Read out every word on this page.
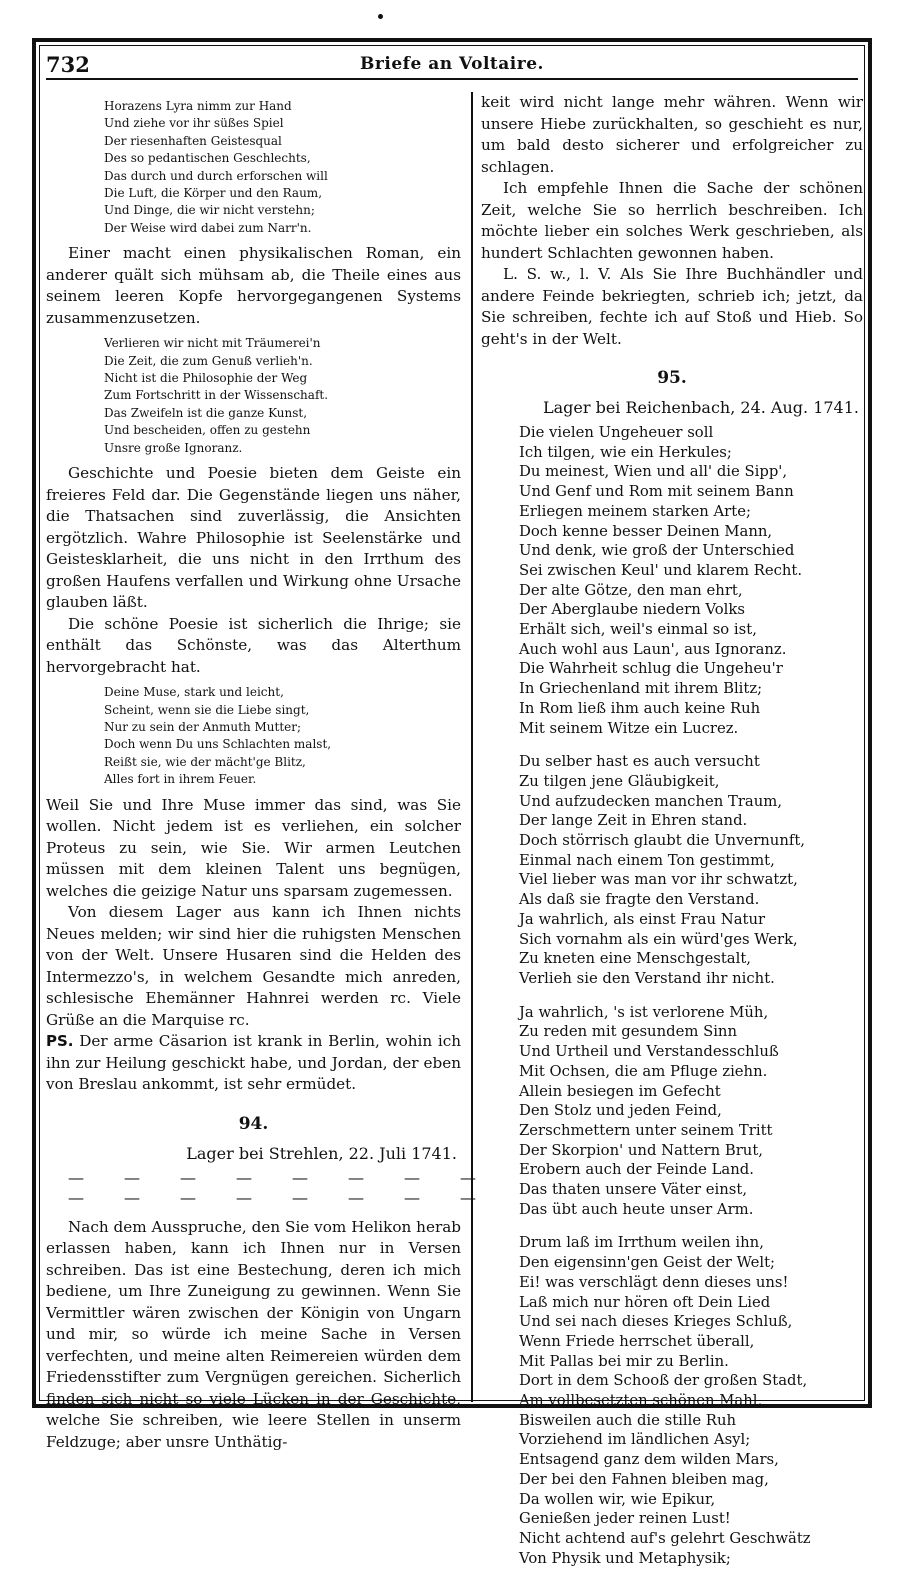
732	Briefe an Voltaire.
Horazens Lyra nimm zur Hand
Und ziehe vor ihr süßes Spiel
Der riesenhaften Geistesqual
Des so pedantischen Geschlechts,
Das durch und durch erforschen will
Die Luft, die Körper und den Raum,
Und Dinge, die wir nicht verstehn;
Der Weise wird dabei zum Narr'n.

Einer macht einen physikalischen Roman, ein anderer quält sich mühsam ab, die Theile eines aus seinem leeren Kopfe hervorgegangenen Systems zusammenzusetzen.

Verlieren wir nicht mit Träumerei'n
Die Zeit, die zum Genuß verlieh'n.
Nicht ist die Philosophie der Weg
Zum Fortschritt in der Wissenschaft.
Das Zweifeln ist die ganze Kunst,
Und bescheiden, offen zu gestehn
Unsre große Ignoranz.

Geschichte und Poesie bieten dem Geiste ein freieres Feld dar. Die Gegenstände liegen uns näher, die Thatsachen sind zuverlässig, die Ansichten ergötzlich. Wahre Philosophie ist Seelenstärke und Geistesklarheit, die uns nicht in den Irrthum des großen Haufens verfallen und Wirkung ohne Ursache glauben läßt.

Die schöne Poesie ist sicherlich die Ihrige; sie enthält das Schönste, was das Alterthum hervorgebracht hat.

Deine Muse, stark und leicht,
Scheint, wenn sie die Liebe singt,
Nur zu sein der Anmuth Mutter;
Doch wenn Du uns Schlachten malst,
Reißt sie, wie der mächt'ge Blitz,
Alles fort in ihrem Feuer.

Weil Sie und Ihre Muse immer das sind, was Sie wollen. Nicht jedem ist es verliehen, ein solcher Proteus zu sein, wie Sie. Wir armen Leutchen müssen mit dem kleinen Talent uns begnügen, welches die geizige Natur uns sparsam zugemessen.

Von diesem Lager aus kann ich Ihnen nichts Neues melden; wir sind hier die ruhigsten Menschen von der Welt. Unsere Husaren sind die Helden des Intermezzo's, in welchem Gesandte mich anreden, schlesische Ehemänner Hahnrei werden rc. Viele Grüße an die Marquise rc.

PS. Der arme Cäsarion ist krank in Berlin, wohin ich ihn zur Heilung geschickt habe, und Jordan, der eben von Breslau ankommt, ist sehr ermüdet.

94.
Lager bei Strehlen, 22. Juli 1741.
— — — — — — — —
— — — — — — — —

Nach dem Ausspruche, den Sie vom Helikon herab erlassen haben, kann ich Ihnen nur in Versen schreiben. Das ist eine Bestechung, deren ich mich bediene, um Ihre Zuneigung zu gewinnen. Wenn Sie Vermittler wären zwischen der Königin von Ungarn und mir, so würde ich meine Sache in Versen verfechten, und meine alten Reimereien würden dem Friedensstifter zum Vergnügen gereichen. Sicherlich finden sich nicht so viele Lücken in der Geschichte, welche Sie schreiben, wie leere Stellen in unserm Feldzuge; aber unsre Unthätig-

keit wird nicht lange mehr währen. Wenn wir unsere Hiebe zurückhalten, so geschieht es nur, um bald desto sicherer und erfolgreicher zu schlagen.

Ich empfehle Ihnen die Sache der schönen Zeit, welche Sie so herrlich beschreiben. Ich möchte lieber ein solches Werk geschrieben, als hundert Schlachten gewonnen haben.

L. S. w., l. V. Als Sie Ihre Buchhändler und andere Feinde bekriegten, schrieb ich; jetzt, da Sie schreiben, fechte ich auf Stoß und Hieb. So geht's in der Welt.

95.
Lager bei Reichenbach, 24. Aug. 1741.
Die vielen Ungeheuer soll
Ich tilgen, wie ein Herkules;
Du meinest, Wien und all' die Sipp',
Und Genf und Rom mit seinem Bann
Erliegen meinem starken Arte;
Doch kenne besser Deinen Mann,
Und denk, wie groß der Unterschied
Sei zwischen Keul' und klarem Recht.
Der alte Götze, den man ehrt,
Der Aberglaube niedern Volks
Erhält sich, weil's einmal so ist,
Auch wohl aus Laun', aus Ignoranz.
Die Wahrheit schlug die Ungeheu'r
In Griechenland mit ihrem Blitz;
In Rom ließ ihm auch keine Ruh
Mit seinem Witze ein Lucrez.
Du selber hast es auch versucht
Zu tilgen jene Gläubigkeit,
Und aufzudecken manchen Traum,
Der lange Zeit in Ehren stand.
Doch störrisch glaubt die Unvernunft,
Einmal nach einem Ton gestimmt,
Viel lieber was man vor ihr schwatzt,
Als daß sie fragte den Verstand.
Ja wahrlich, als einst Frau Natur
Sich vornahm als ein würd'ges Werk,
Zu kneten eine Menschgestalt,
Verlieh sie den Verstand ihr nicht.
Ja wahrlich, 's ist verlorene Müh,
Zu reden mit gesundem Sinn
Und Urtheil und Verstandesschluß
Mit Ochsen, die am Pfluge ziehn.
Allein besiegen im Gefecht
Den Stolz und jeden Feind,
Zerschmettern unter seinem Tritt
Der Skorpion' und Nattern Brut,
Erobern auch der Feinde Land.
Das thaten unsere Väter einst,
Das übt auch heute unser Arm.
Drum laß im Irrthum weilen ihn,
Den eigensinn'gen Geist der Welt;
Ei! was verschlägt denn dieses uns!
Laß mich nur hören oft Dein Lied
Und sei nach dieses Krieges Schluß,
Wenn Friede herrschet überall,
Mit Pallas bei mir zu Berlin.
Dort in dem Schooß der großen Stadt,
Am vollbesetzten schönen Mahl,
Bisweilen auch die stille Ruh
Vorziehend im ländlichen Asyl;
Entsagend ganz dem wilden Mars,
Der bei den Fahnen bleiben mag,
Da wollen wir, wie Epikur,
Genießen jeder reinen Lust!
Nicht achtend auf's gelehrt Geschwätz
Von Physik und Metaphysik;
